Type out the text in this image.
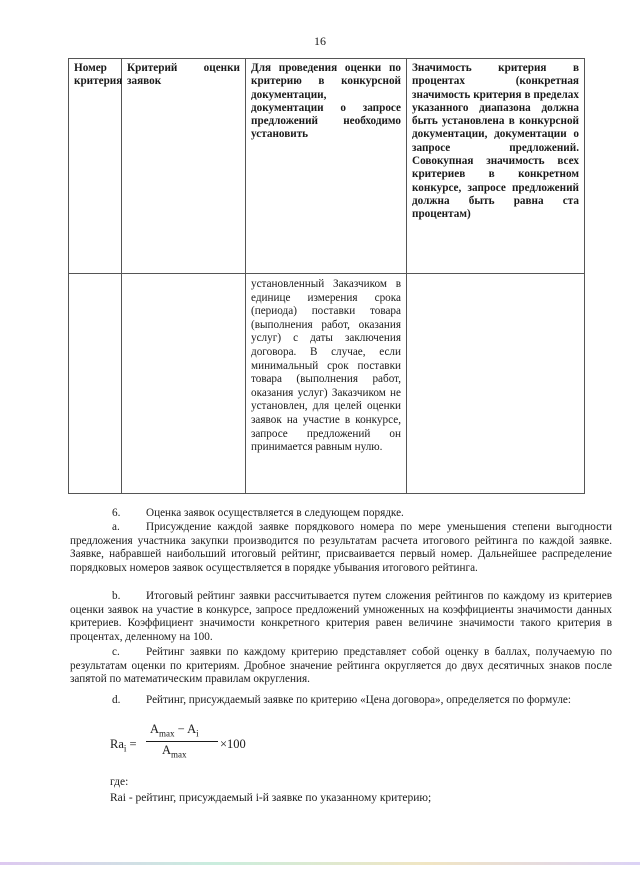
16
Номер критерия	Критерий оценки заявок	Для проведения оценки по критерию в конкурсной документации, документации о запросе предложений необходимо установить	Значимость критерия в процентах (конкретная значимость критерия в пределах указанного диапазона должна быть установлена в конкурсной документации, документации о запросе предложений. Совокупная значимость всех критериев в конкретном конкурсе, запросе предложений должна быть равна ста процентам)
		установленный Заказчиком в единице измерения срока (периода) поставки товара (выполнения работ, оказания услуг) с даты заключения договора. В случае, если минимальный срок поставки товара (выполнения работ, оказания услуг) Заказчиком не установлен, для целей оценки заявок на участие в конкурсе, запросе предложений он принимается равным нулю.	

6. Оценка заявок осуществляется в следующем порядке.

a. Присуждение каждой заявке порядкового номера по мере уменьшения степени выгодности предложения участника закупки производится по результатам расчета итогового рейтинга по каждой заявке. Заявке, набравшей наибольший итоговый рейтинг, присваивается первый номер. Дальнейшее распределение порядковых номеров заявок осуществляется в порядке убывания итогового рейтинга.

b. Итоговый рейтинг заявки рассчитывается путем сложения рейтингов по каждому из критериев оценки заявок на участие в конкурсе, запросе предложений умноженных на коэффициенты значимости данных критериев. Коэффициент значимости конкретного критерия равен величине значимости такого критерия в процентах, деленному на 100.

c. Рейтинг заявки по каждому критерию представляет собой оценку в баллах, получаемую по результатам оценки по критериям. Дробное значение рейтинга округляется до двух десятичных знаков после запятой по математическим правилам округления.

d. Рейтинг, присуждаемый заявке по критерию «Цена договора», определяется по формуле:

$Ra_i$ =
$A_{max} - A_i$
$A_{max}$
×100
где:
Rai - рейтинг, присуждаемый i-й заявке по указанному критерию;
